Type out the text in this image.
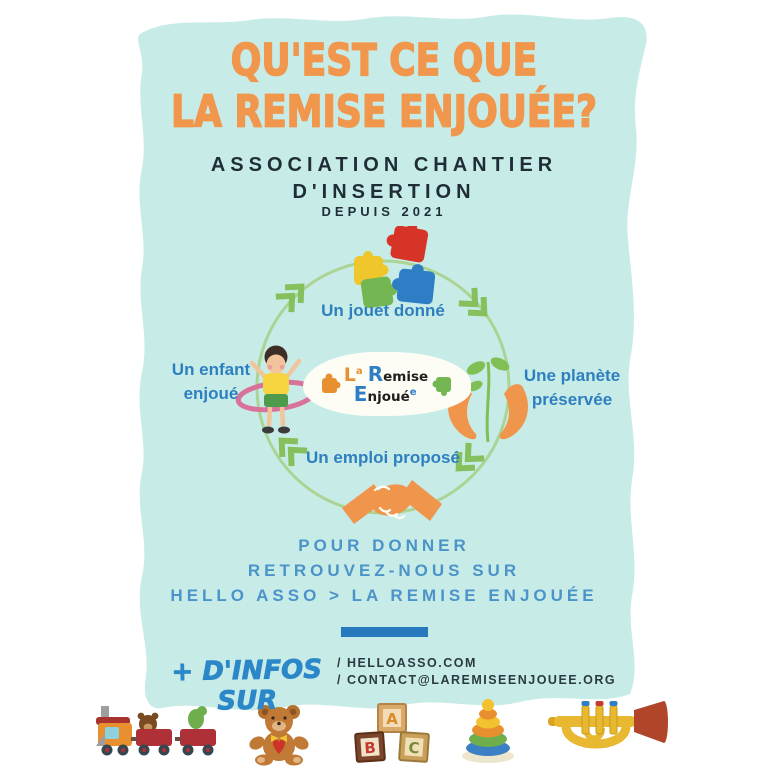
QU'EST CE QUE
LA REMISE ENJOUÉE?
ASSOCIATION CHANTIER
D'INSERTION
DEPUIS 2021
Un jouet donné
Un enfant
enjoué
Une planète
préservée
Un emploi proposé
$L^a$ Remise
Enjoué$^e$
POUR DONNER
RETROUVEZ-NOUS SUR
HELLO ASSO > LA REMISE ENJOUÉE
+ D'INFOS SUR
/ HELLOASSO.COM
/ CONTACT@LAREMISEENJOUEE.ORG
A
B C
